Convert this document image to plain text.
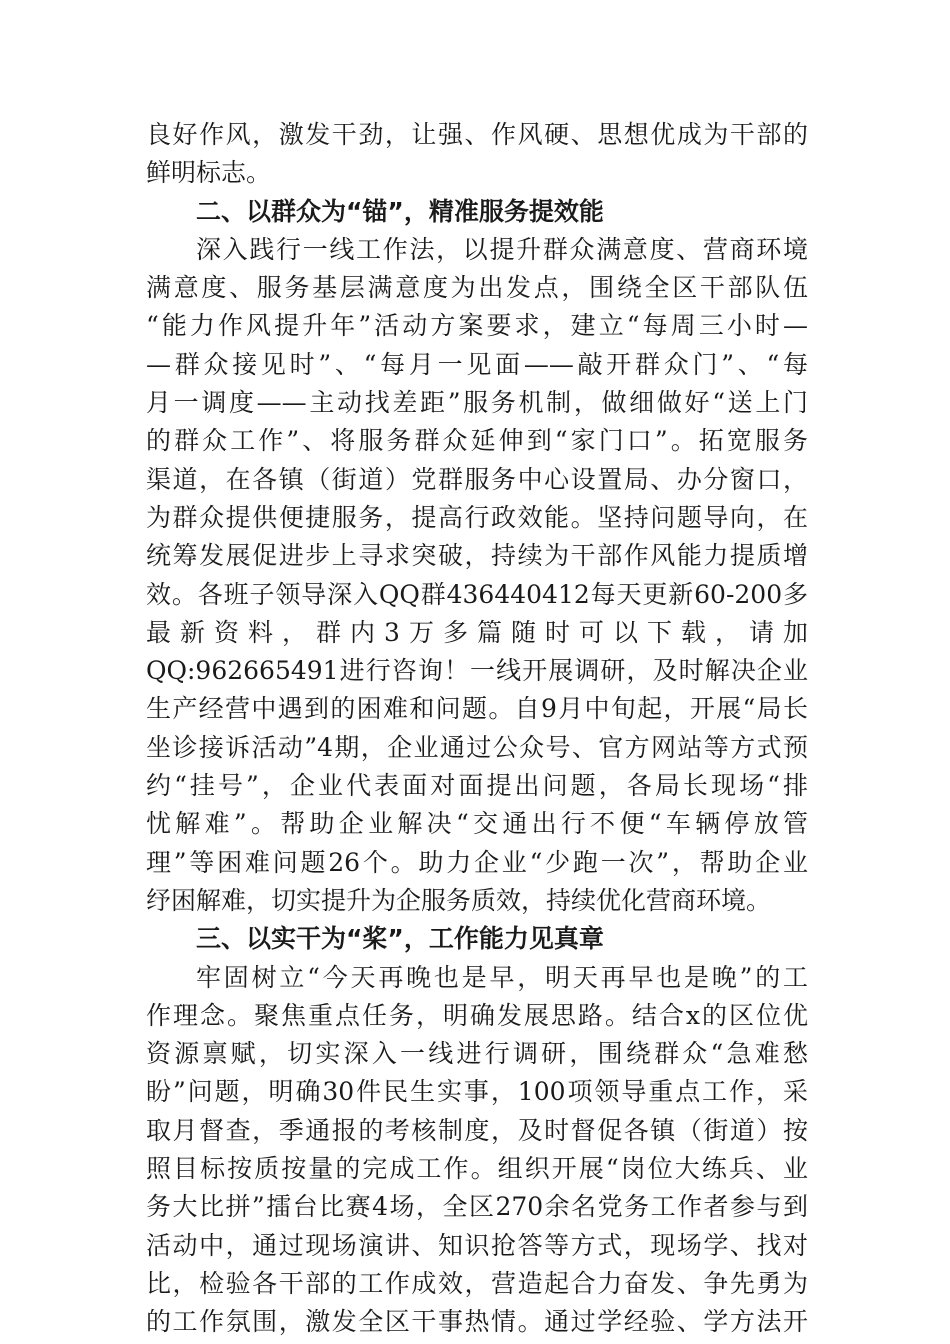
良好作风，激发干劲，让强、作风硬、思想优成为干部的
鲜明标志。
二、以群众为“锚”，精准服务提效能
深入践行一线工作法，以提升群众满意度、营商环境
满意度、服务基层满意度为出发点，围绕全区干部队伍
“能力作风提升年”活动方案要求，建立“每周三小时—
—群众接见时”、“每月一见面——敲开群众门”、“每
月一调度——主动找差距”服务机制，做细做好“送上门
的群众工作”、将服务群众延伸到“家门口”。拓宽服务
渠道，在各镇（街道）党群服务中心设置局、办分窗口，
为群众提供便捷服务，提高行政效能。坚持问题导向，在
统筹发展促进步上寻求突破，持续为干部作风能力提质增
效。各班子领导深入QQ群436440412每天更新60-200多
最新资料，群内3万多篇随时可以下载，请加
QQ:962665491进行咨询！一线开展调研，及时解决企业
生产经营中遇到的困难和问题。自9月中旬起，开展“局长
坐诊接诉活动”4期，企业通过公众号、官方网站等方式预
约“挂号”，企业代表面对面提出问题，各局长现场“排
忧解难”。帮助企业解决“交通出行不便“车辆停放管
理”等困难问题26个。助力企业“少跑一次”，帮助企业
纾困解难，切实提升为企服务质效，持续优化营商环境。
三、以实干为“桨”，工作能力见真章
牢固树立“今天再晚也是早，明天再早也是晚”的工
作理念。聚焦重点任务，明确发展思路。结合x的区位优
资源禀赋，切实深入一线进行调研，围绕群众“急难愁
盼”问题，明确30件民生实事，100项领导重点工作，采
取月督查，季通报的考核制度，及时督促各镇（街道）按
照目标按质按量的完成工作。组织开展“岗位大练兵、业
务大比拼”擂台比赛4场，全区270余名党务工作者参与到
活动中，通过现场演讲、知识抢答等方式，现场学、找对
比，检验各干部的工作成效，营造起合力奋发、争先勇为
的工作氛围，激发全区干事热情。通过学经验、学方法开
